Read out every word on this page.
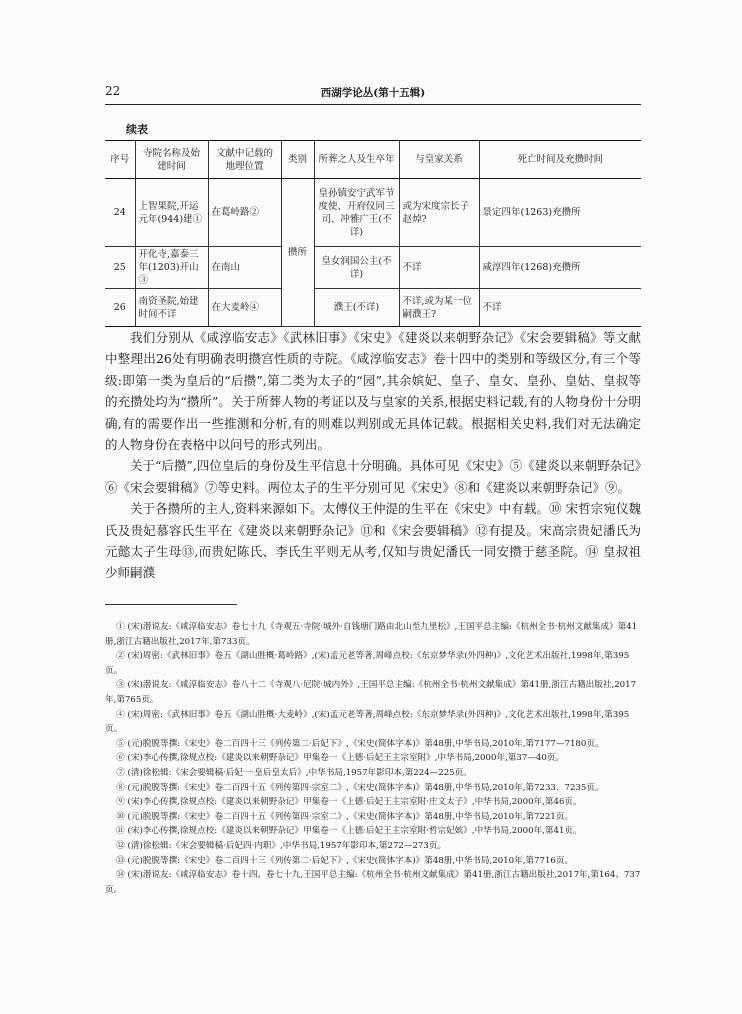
22	西湖学论丛(第十五辑)
续表
序号	寺院名称及始建时间	文献中记载的地理位置	类别	所葬之人及生卒年	与皇家关系	死亡时间及充攒时间
24	上智果院,开运元年(944)建①	在葛岭路②	攒所	皇孙镇安宁武军节度使、开府仪同三司、冲雅广王(不详)	或为宋度宗长子赵焯?	景定四年(1263)充攒所
25	开化寺,嘉泰三年(1203)开山③	在南山		皇女润国公主(不详)	不详	咸淳四年(1268)充攒所
26	南资圣院,始建时间不详	在大麦岭④		濮王(不详)	不详,或为某一位嗣濮王?	不详

我们分别从《咸淳临安志》《武林旧事》《宋史》《建炎以来朝野杂记》《宋会要辑稿》等文献中整理出26处有明确表明攒宫性质的寺院。《咸淳临安志》卷十四中的类别和等级区分,有三个等级:即第一类为皇后的“后攒”,第二类为太子的“园”,其余嫔妃、皇子、皇女、皇孙、皇姑、皇叔等的充攒处均为“攒所”。关于所葬人物的考证以及与皇家的关系,根据史料记载,有的人物身份十分明确,有的需要作出一些推测和分析,有的则难以判别或无具体记载。根据相关史料,我们对无法确定的人物身份在表格中以问号的形式列出。

关于“后攒”,四位皇后的身份及生平信息十分明确。具体可见《宋史》⑤《建炎以来朝野杂记》⑥《宋会要辑稿》⑦等史料。两位太子的生平分别可见《宋史》⑧和《建炎以来朝野杂记》⑨。

关于各攒所的主人,资料来源如下。太傅仪王仲湜的生平在《宋史》中有载。⑩ 宋哲宗宛仪魏氏及贵妃慕容氏生平在《建炎以来朝野杂记》⑪和《宋会要辑稿》⑫有提及。宋高宗贵妃潘氏为元懿太子生母⑬,而贵妃陈氏、李氏生平则无从考,仅知与贵妃潘氏一同安攒于慈圣院。⑭ 皇叔祖少师嗣濮

① (宋)潜说友:《咸淳临安志》卷七十九《寺观五·寺院·城外·自钱塘门路由北山至九里松》,王国平总主编:《杭州全书·杭州文献集成》第41册,浙江古籍出版社,2017年,第733页。

② (宋)周密:《武林旧事》卷五《湖山胜概·葛岭路》,(宋)孟元老等著,周峰点校:《东京梦华录(外四种)》,文化艺术出版社,1998年,第395页。

③ (宋)潜说友:《咸淳临安志》卷八十二《寺观八·尼院·城内外》,王国平总主编:《杭州全书·杭州文献集成》第41册,浙江古籍出版社,2017年,第765页。

④ (宋)周密:《武林旧事》卷五《湖山胜概·大麦岭》,(宋)孟元老等著,周峰点校:《东京梦华录(外四种)》,文化艺术出版社,1998年,第395页。

⑤ (元)脱脱等撰:《宋史》卷二百四十三《列传第二·后妃下》,《宋史(简体字本)》第48册,中华书局,2010年,第7177—7180页。

⑥ (宋)李心传撰,徐规点校:《建炎以来朝野杂记》甲集卷一《上德·后妃王主宗室附》,中华书局,2000年,第37—40页。

⑦ (清)徐松辑:《宋会要辑稿·后妃一·皇后皇太后》,中华书局,1957年影印本,第224—225页。

⑧ (元)脱脱等撰:《宋史》卷二百四十五《列传第四·宗室二》,《宋史(简体字本)》第48册,中华书局,2010年,第7233、7235页。

⑨ (宋)李心传撰,徐规点校:《建炎以来朝野杂记》甲集卷一《上德·后妃王主宗室附·庄文太子》,中华书局,2000年,第46页。

⑩ (元)脱脱等撰:《宋史》卷二百四十五《列传第四·宗室二》,《宋史(简体字本)》第48册,中华书局,2010年,第7221页。

⑪ (宋)李心传撰,徐规点校:《建炎以来朝野杂记》甲集卷一《上德·后妃王主宗室附·哲宗妃嫔》,中华书局,2000年,第41页。

⑫ (清)徐松辑:《宋会要辑稿·后妃四·内职》,中华书局,1957年影印本,第272—273页。

⑬ (元)脱脱等撰:《宋史》卷二百四十三《列传第二·后妃下》,《宋史(简体字本)》第48册,中华书局,2010年,第7716页。

⑭ (宋)潜说友:《咸淳临安志》卷十四、卷七十九,王国平总主编:《杭州全书·杭州文献集成》第41册,浙江古籍出版社,2017年,第164、737页。
